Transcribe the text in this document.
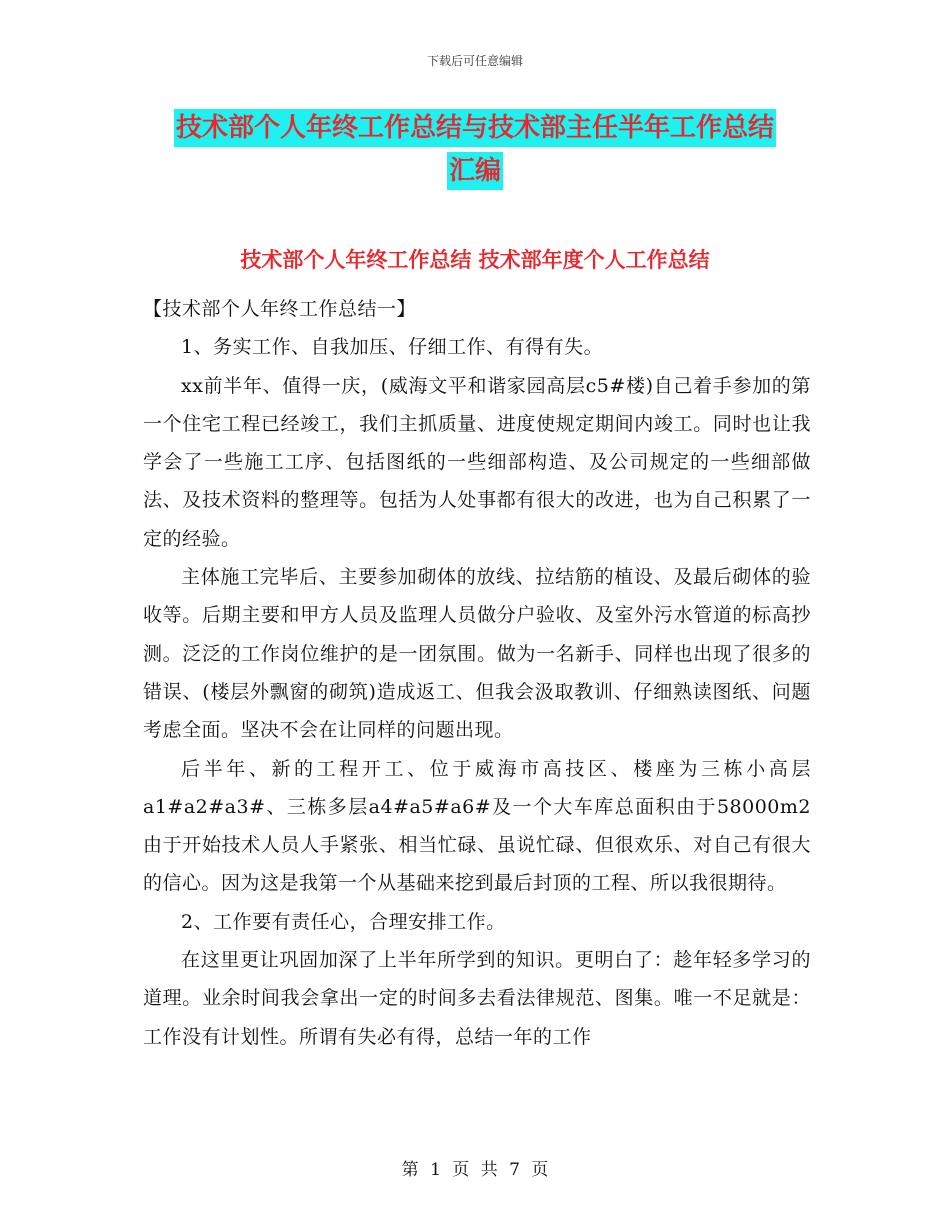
下载后可任意编辑
技术部个人年终工作总结与技术部主任半年工作总结
汇编
技术部个人年终工作总结 技术部年度个人工作总结

【技术部个人年终工作总结一】

1、务实工作、自我加压、仔细工作、有得有失。

xx前半年、值得一庆，(威海文平和谐家园高层c5#楼)自己着手参加的第一个住宅工程已经竣工，我们主抓质量、进度使规定期间内竣工。同时也让我学会了一些施工工序、包括图纸的一些细部构造、及公司规定的一些细部做法、及技术资料的整理等。包括为人处事都有很大的改进，也为自己积累了一定的经验。

主体施工完毕后、主要参加砌体的放线、拉结筋的植设、及最后砌体的验收等。后期主要和甲方人员及监理人员做分户验收、及室外污水管道的标高抄测。泛泛的工作岗位维护的是一团氛围。做为一名新手、同样也出现了很多的错误、(楼层外飘窗的砌筑)造成返工、但我会汲取教训、仔细熟读图纸、问题考虑全面。坚决不会在让同样的问题出现。

后半年、新的工程开工、位于威海市高技区、楼座为三栋小高层a1#a2#a3#、三栋多层a4#a5#a6#及一个大车库总面积由于58000m2由于开始技术人员人手紧张、相当忙碌、虽说忙碌、但很欢乐、对自己有很大的信心。因为这是我第一个从基础来挖到最后封顶的工程、所以我很期待。

2、工作要有责任心，合理安排工作。

在这里更让巩固加深了上半年所学到的知识。更明白了：趁年轻多学习的道理。业余时间我会拿出一定的时间多去看法律规范、图集。唯一不足就是：工作没有计划性。所谓有失必有得，总结一年的工作

第 1 页 共 7 页
